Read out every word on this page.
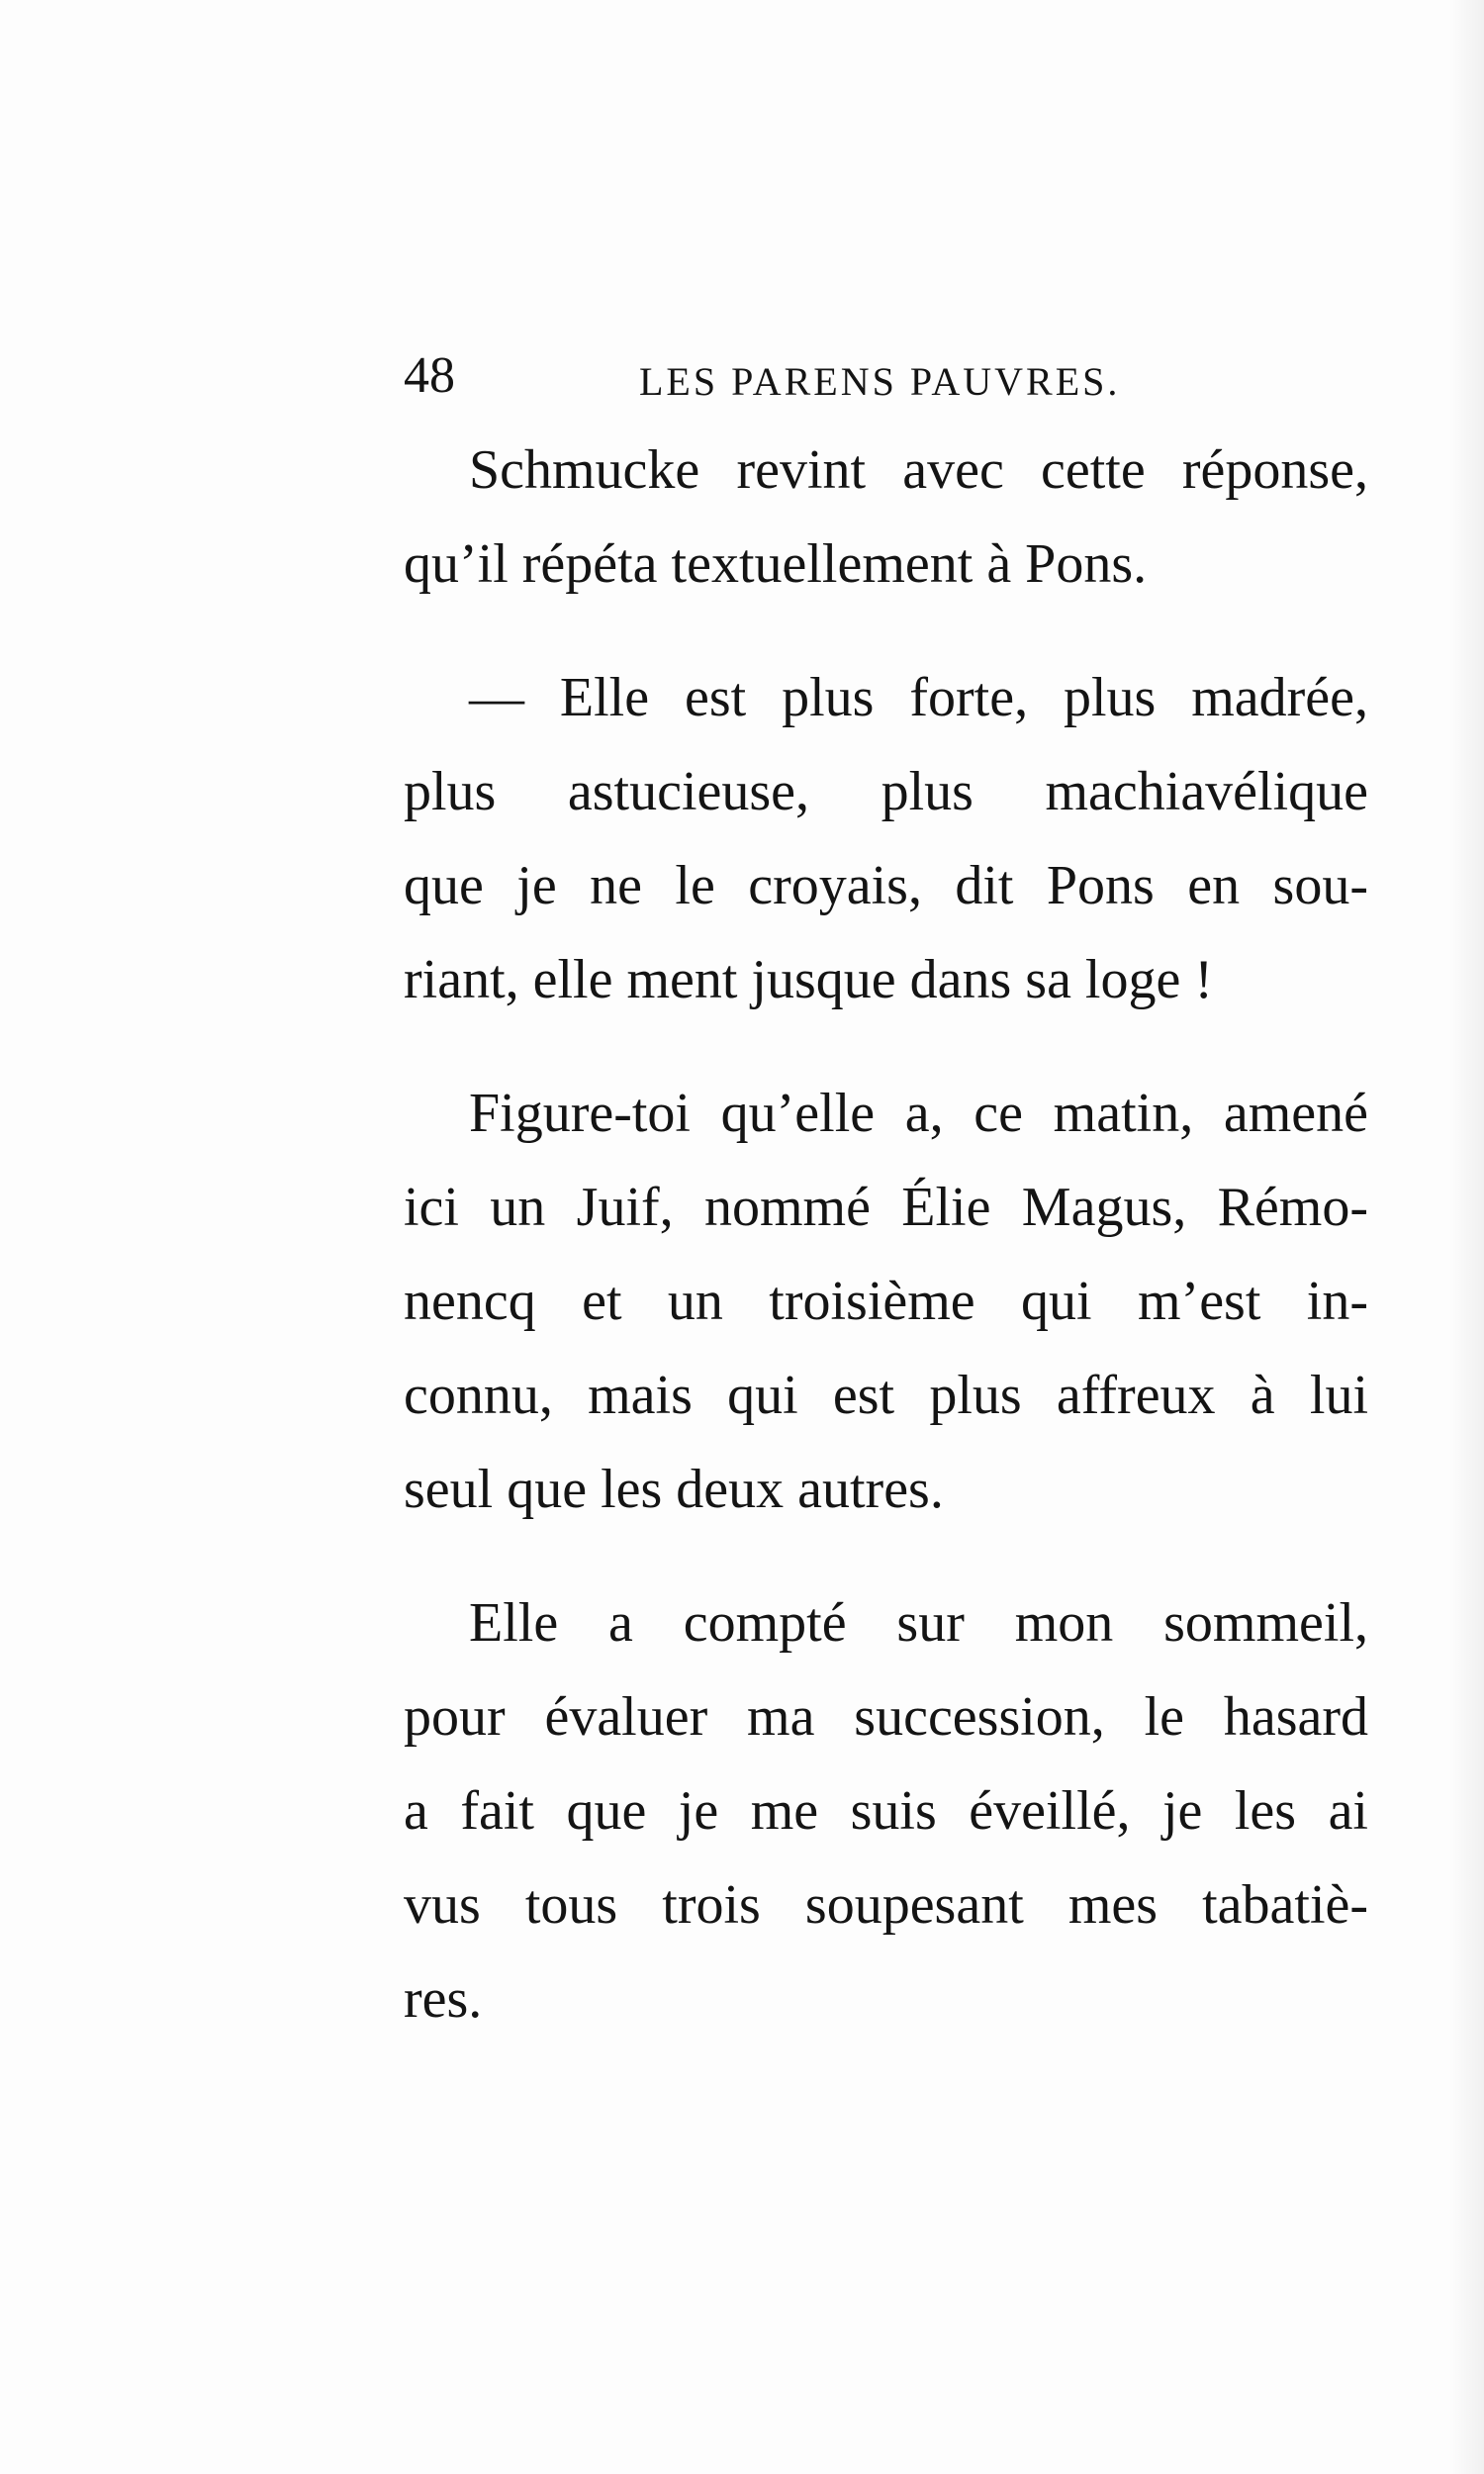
48	LES PARENS PAUVRES.

Schmucke revint avec cette réponse,
qu’il répéta textuellement à Pons.

— Elle est plus forte, plus madrée,
plus astucieuse, plus machiavélique
que je ne le croyais, dit Pons en sou-
riant, elle ment jusque dans sa loge !

Figure-toi qu’elle a, ce matin, amené
ici un Juif, nommé Élie Magus, Rémo-
nencq et un troisième qui m’est in-
connu, mais qui est plus affreux à lui
seul que les deux autres.

Elle a compté sur mon sommeil,
pour évaluer ma succession, le hasard
a fait que je me suis éveillé, je les ai
vus tous trois soupesant mes tabatiè-
res.
